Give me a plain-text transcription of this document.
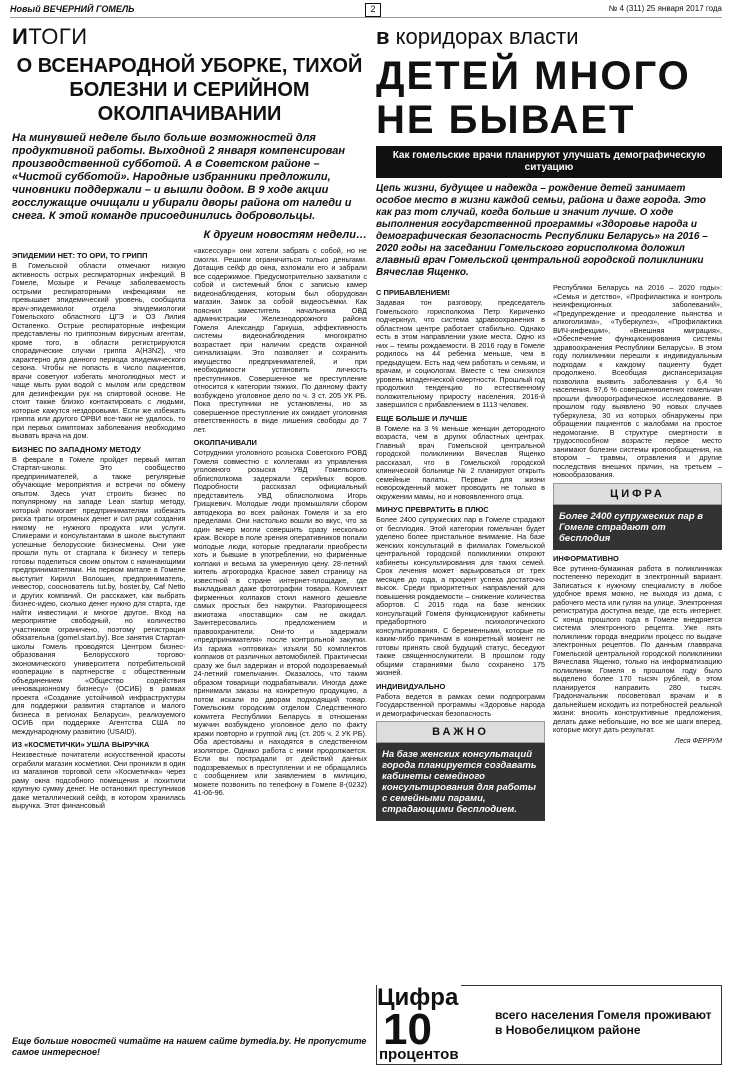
Новый ВЕЧЕРНИЙ ГОМЕЛЬ	2	№ 4 (311) 25 января 2017 года
ИТОГИ
О ВСЕНАРОДНОЙ УБОРКЕ, ТИХОЙ БОЛЕЗНИ И СЕРИЙНОМ ОКОЛПАЧИВАНИИ
На минувшей неделе было больше возможностей для продуктивной работы. Выходной 2 января компенсирован производственной субботой. А в Советском районе – «Чистой субботой». Народные избранники предложили, чиновники поддержали – и вышли додом. В 9 ходе акции госслужащие очищали и убирали дворы района от наледи и снега. К этой команде присоединились добровольцы.
К другим новостям недели…
ЭПИДЕМИИ НЕТ: ТО ОРИ, ТО ГРИПП
В Гомельской области отмечают низкую активность острых респираторных инфекций. В Гомеле, Мозыре и Речице заболеваемость острыми респираторными инфекциями не превышает эпидемический уровень, сообщила врач-эпидемиолог отдела эпидемиологии Гомельского областного ЦГЭ и ОЗ Лилия Остапенко. Острые респираторные инфекции представлены по гриппозным вирусным агентам, кроме того, в области регистрируются спорадические случаи гриппа A(H3N2), что характерно для данного периода эпидемического сезона. Чтобы не попасть в число пациентов, врачи советуют избегать многолюдных мест и чаще мыть руки водой с мылом или средством для дезинфекции рук на спиртовой основе. Не стоит также близко контактировать с людьми, которые кажутся нездоровыми. Если же избежать гриппа или другого ОРВИ все-таки не удалось, то при первых симптомах заболевания необходимо вызвать врача на дом.
БИЗНЕС ПО ЗАПАДНОМУ МЕТОДУ
В феврале в Гомеле пройдет первый митап Стартап-школы. Это сообщество предпринимателей, а также регулярные обучающие мероприятия и встречи по обмену опытом. Здесь учат строить бизнес по популярному на западе Lean startup методу, который помогает предпринимателям избежать риска траты огромных денег и сил ради создания никому не нужного продукта или услуги. Спикерами и консультантами в школе выступают успешные белорусские бизнесмены. Они уже прошли путь от стартапа к бизнесу и теперь готовы поделиться своим опытом с начинающими предпринимателями. На первом митапе в Гомеле выступит Кирилл Волошин, предприниматель, инвестор, сооснователь tut.by, hoster.by, Caf Netto и других компаний. Он расскажет, как выбрать бизнес-идею, сколько денег нужно для старта, где найти инвестиции и многое другое. Вход на мероприятие свободный, но количество участников ограничено, поэтому регистрация обязательна (gomel.start.by). Все занятия Стартап-школы Гомель проводятся Центром бизнес-образования Белорусского торгово-экономического университета потребительской кооперации в партнерстве с общественным объединением «Общество содействия инновационному бизнесу» (ОСИБ) в рамках проекта «Создание устойчивой инфраструктуры для поддержки развития стартапов и малого бизнеса в регионах Беларуси», реализуемого ОСИБ при поддержке Агентства США по международному развитию (USAID).
ИЗ «КОСМЕТИЧКИ» УШЛА ВЫРУЧКА
Неизвестные почитатели искусственной красоты ограбили магазин косметики. Они проникли в один из магазинов торговой сети «Косметичка» через раму окна подсобного помещения и похитили крупную сумму денег. Не остановил преступников даже металлический сейф, в котором хранилась выручка. Этот финансовый
«аксессуар» они хотели забрать с собой, но не смогли. Решили ограничиться только деньгами. Дотащив сейф до окна, взломали его и забрали все содержимое. Предусмотрительно захватили с собой и системный блок с записью камер видеонаблюдения, которым был оборудован магазин. Замок за собой видеосъёмки. Как пояснил заместитель начальника ОВД администрации Железнодорожного района Гомеля Александр Гаркуша, эффективность системы видеонаблюдения многократно возрастает при наличии средств охранной сигнализации. Это позволяет и сохранить имущество предпринимателей, и при необходимости установить личность преступников. Совершенное же преступление относится к категории тяжких. По данному факту возбуждено уголовное дело по ч. 3 ст. 205 УК РБ. Пока преступники не установлены, но за совершенное преступление их ожидает уголовная ответственность в виде лишения свободы до 7 лет.
ОКОЛПАЧИВАЛИ
Сотрудники уголовного розыска Советского РОВД Гомеля совместно с коллегами из управления уголовного розыска УВД Гомельского облисполкома задержали серийных воров. Подробности рассказал официальный представитель УВД облисполкома Игорь Грищкевич. Молодые люди промышляли сбором автодекора во всех районах Гомеля и за его пределами. Они настолько вошли во вкус, что за один вечер могли совершить сразу несколько краж. Вскоре в поле зрения оперативников попали молодые люди, которые предлагали приобрести хоть и бывшие в употреблении, но фирменные колпаки и весьма за умеренную цену. 28-летний житель агрогородка Красное завел страницу на известной в стране интернет-площадке, где выкладывал даже фотографии товара. Комплект фирменных колпаков стоил намного дешевле самых простых без накрутки. Разгорающееся ажиотажа «поставщик» сам не ожидал. Заинтересовались предложением и правоохранители. Они-то и задержали «предпринимателя» после контрольной закупки. Из гаража «оптовика» изъяли 50 комплектов колпаков от различных автомобилей. Практически сразу же был задержан и второй подозреваемый 24-летний гомельчанин. Оказалось, что таким образом товарищи подрабатывали. Иногда даже принимали заказы на конкретную продукцию, а потом искали по дворам подходящий товар. Гомельским городским отделом Следственного комитета Республики Беларусь в отношении мужчин возбуждено уголовное дело по факту кражи повторно и группой лиц (ст. 205 ч. 2 УК РБ). Оба арестованы и находятся в следственном изоляторе. Однако работа с ними продолжается. Если вы пострадали от действий данных подозреваемых в преступлении и не обращались с сообщением или заявлением в милицию, можете позвонить по телефону в Гомеле 8-(0232) 41-06-96.
в коридорах власти
ДЕТЕЙ МНОГО НЕ БЫВАЕТ
Как гомельские врачи планируют улучшать демографическую ситуацию
Цепь жизни, будущее и надежда – рождение детей занимает особое место в жизни каждой семьи, района и даже города. Это как раз тот случай, когда больше и значит лучше. О ходе выполнения государственной программы «Здоровье народа и демографическая безопасность Республики Беларусь» на 2016 – 2020 годы на заседании Гомельского горисполкома доложил главный врач Гомельской центральной городской поликлиники Вячеслав Ященко.
С ПРИБАВЛЕНИЕМ!
Задавая тон разговору, председатель Гомельского горисполкома Петр Кириченко подчеркнул, что система здравоохранения в областном центре работает стабильно. Однако есть в этом направлении узкие места. Одно из них – темпы рождаемости. В 2016 году в Гомеле родилось на 44 ребенка меньше, чем в предыдущем. Есть над чем работать и семьям, и врачам, и социологам. Вместе с тем снизился уровень младенческой смертности. Прошлый год продолжил тенденцию по естественному положительному приросту населения. 2016-й завершился с прибавлением в 1113 человек.
ЕЩЕ БОЛЬШЕ И ЛУЧШЕ
В Гомеле на 3 % меньше женщин детородного возраста, чем в других областных центрах. Главный врач Гомельской центральной городской поликлиники Вячеслав Ященко рассказал, что в Гомельской городской клинической больнице № 2 планируют открыть семейные палаты. Первые для жизни новорожденный может проводить не только в окружении мамы, но и новоявленного отца.
МИНУС ПРЕВРАТИТЬ В ПЛЮС
Более 2400 супружеских пар в Гомеле страдают от бесплодия. Этой категории гомельчан будет уделено более пристальное внимание. На базе женских консультаций в филиалах Гомельской центральной городской поликлиники откроют кабинеты консультирования для таких семей. Срок лечения может варьироваться от трех месяцев до года, а процент успеха достаточно высок. Среди приоритетных направлений для повышения рождаемости – снижение количества абортов. С 2015 года на базе женских консультаций Гомеля функционируют кабинеты предабортного психологического консультирования. С беременными, которые по каким-либо причинам в конкретный момент не готовы принять свой будущий статус, беседуют также священнослужители. В прошлом году общими стараниями было сохранено 175 жизней.
ИНДИВИДУАЛЬНО
Работа ведется в рамках семи подпрограмм Государственной программы «Здоровье народа и демографическая безопасность
ВАЖНО
На базе женских консультаций города планируется создавать кабинеты семейного консультирования для работы с семейными парами, страдающими бесплодием.
Республики Беларусь на 2016 – 2020 годы»: «Семья и детство», «Профилактика и контроль неинфекционных заболеваний», «Предупреждение и преодоление пьянства и алкоголизма», «Туберкулез», «Профилактика ВИЧ-инфекции», «Внешняя миграция», «Обеспечение функционирования системы здравоохранения Республики Беларусь». В этом году поликлиники перешли к индивидуальным подходам к каждому пациенту будет продолжено. Всеобщая диспансеризация позволила выявить заболевания у 6,4 % населения. 97,6 % совершеннолетних гомельчан прошли флюорографическое исследование. В прошлом году выявлено 90 новых случаев туберкулеза, 30 из которых обнаружены при обращении пациентов с жалобами на простое недомогание. В структуре смертности в трудоспособном возрасте первое место занимают болезни системы кровообращения, на втором – травмы, отравления и другие последствия внешних причин, на третьем – новообразования.
ЦИФРА
Более 2400 супружеских пар в Гомеле страдают от бесплодия
ИНФОРМАТИВНО
Все рутинно-бумажная работа в поликлиниках постепенно переходит в электронный вариант. Записаться к нужному специалисту в любое удобное время можно, не выходя из дома, с рабочего места или гуляя на улице. Электронная регистратура доступна везде, где есть интернет. С конца прошлого года в Гомеле внедряется система электронного рецепта. Уже пять поликлиник города внедрили процесс по выдаче электронных рецептов. По данным главврача Гомельской центральной городской поликлиники Вячеслава Ященко, только на информатизацию поликлиник Гомеля в прошлом году было выделено более 170 тысяч рублей, в этом планируется направить 280 тысяч. Градоначальник посоветовал врачам и в дальнейшем исходить из потребностей реальной жизни: вносить конструктивные предложения, делать даже небольшие, но все же шаги вперед, которые могут дать результат.
Леся ФЕРРУМ
Еще больше новостей читайте на нашем сайте bymedia.by. Не пропустите самое интересное!
Цифра
10
процентов
всего населения Гомеля проживают в Новобелицком районе
